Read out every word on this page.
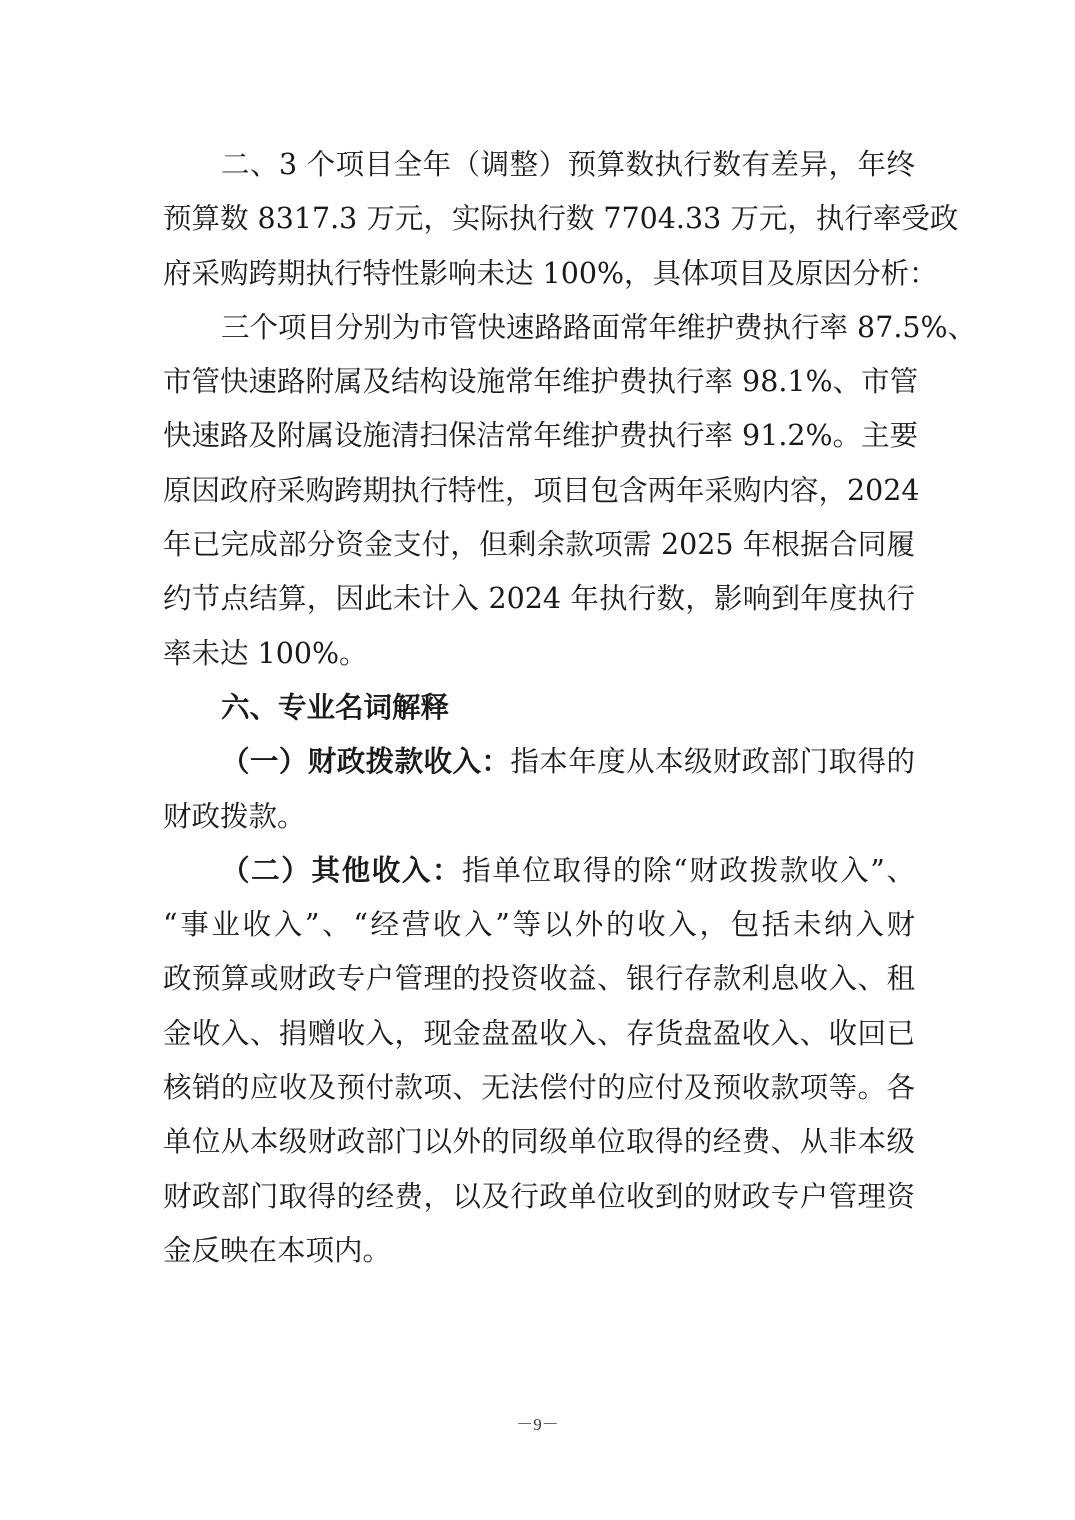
二、3 个项目全年（调整）预算数执行数有差异，年终
预算数 8317.3 万元，实际执行数 7704.33 万元，执行率受政
府采购跨期执行特性影响未达 100%，具体项目及原因分析：
三个项目分别为市管快速路路面常年维护费执行率 87.5%、
市管快速路附属及结构设施常年维护费执行率 98.1%、市管
快速路及附属设施清扫保洁常年维护费执行率 91.2%。主要
原因政府采购跨期执行特性，项目包含两年采购内容，2024
年已完成部分资金支付，但剩余款项需 2025 年根据合同履
约节点结算，因此未计入 2024 年执行数，影响到年度执行
率未达 100%。
六、专业名词解释
（一）财政拨款收入：指本年度从本级财政部门取得的
财政拨款。
（二）其他收入：指单位取得的除“财政拨款收入”、
“事业收入”、“经营收入”等以外的收入，包括未纳入财
政预算或财政专户管理的投资收益、银行存款利息收入、租
金收入、捐赠收入，现金盘盈收入、存货盘盈收入、收回已
核销的应收及预付款项、无法偿付的应付及预收款项等。各
单位从本级财政部门以外的同级单位取得的经费、从非本级
财政部门取得的经费，以及行政单位收到的财政专户管理资
金反映在本项内。
－9－
